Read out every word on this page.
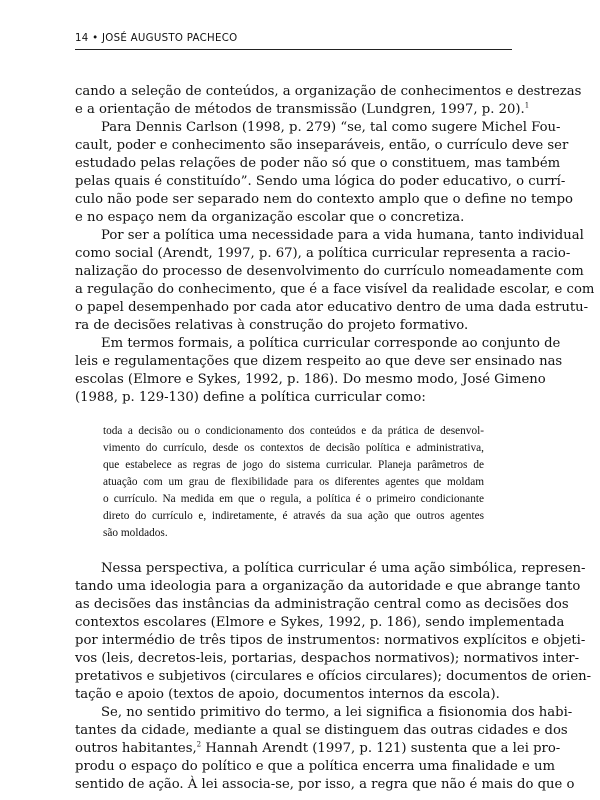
14 • JOSÉ AUGUSTO PACHECO

cando a seleção de conteúdos, a organização de conhecimentos e destrezas
e a orientação de métodos de transmissão (Lundgren, 1997, p. 20).$^1$

Para Dennis Carlson (1998, p. 279) “se, tal como sugere Michel Fou-
cault, poder e conhecimento são inseparáveis, então, o currículo deve ser
estudado pelas relações de poder não só que o constituem, mas também
pelas quais é constituído”. Sendo uma lógica do poder educativo, o currí-
culo não pode ser separado nem do contexto amplo que o define no tempo
e no espaço nem da organização escolar que o concretiza.

Por ser a política uma necessidade para a vida humana, tanto individual
como social (Arendt, 1997, p. 67), a política curricular representa a racio-
nalização do processo de desenvolvimento do currículo nomeadamente com
a regulação do conhecimento, que é a face visível da realidade escolar, e com
o papel desempenhado por cada ator educativo dentro de uma dada estrutu-
ra de decisões relativas à construção do projeto formativo.

Em termos formais, a política curricular corresponde ao conjunto de
leis e regulamentações que dizem respeito ao que deve ser ensinado nas
escolas (Elmore e Sykes, 1992, p. 186). Do mesmo modo, José Gimeno
(1988, p. 129-130) define a política curricular como:

toda a decisão ou o condicionamento dos conteúdos e da prática de desenvol-
vimento do currículo, desde os contextos de decisão política e administrativa,
que estabelece as regras de jogo do sistema curricular. Planeja parâmetros de
atuação com um grau de flexibilidade para os diferentes agentes que moldam
o currículo. Na medida em que o regula, a política é o primeiro condicionante
direto do currículo e, indiretamente, é através da sua ação que outros agentes
são moldados.

Nessa perspectiva, a política curricular é uma ação simbólica, represen-
tando uma ideologia para a organização da autoridade e que abrange tanto
as decisões das instâncias da administração central como as decisões dos
contextos escolares (Elmore e Sykes, 1992, p. 186), sendo implementada
por intermédio de três tipos de instrumentos: normativos explícitos e objeti-
vos (leis, decretos-leis, portarias, despachos normativos); normativos inter-
pretativos e subjetivos (circulares e ofícios circulares); documentos de orien-
tação e apoio (textos de apoio, documentos internos da escola).

Se, no sentido primitivo do termo, a lei significa a fisionomia dos habi-
tantes da cidade, mediante a qual se distinguem das outras cidades e dos
outros habitantes,$^2$ Hannah Arendt (1997, p. 121) sustenta que a lei pro-
produ o espaço do político e que a política encerra uma finalidade e um
sentido de ação. À lei associa-se, por isso, a regra que não é mais do que o
